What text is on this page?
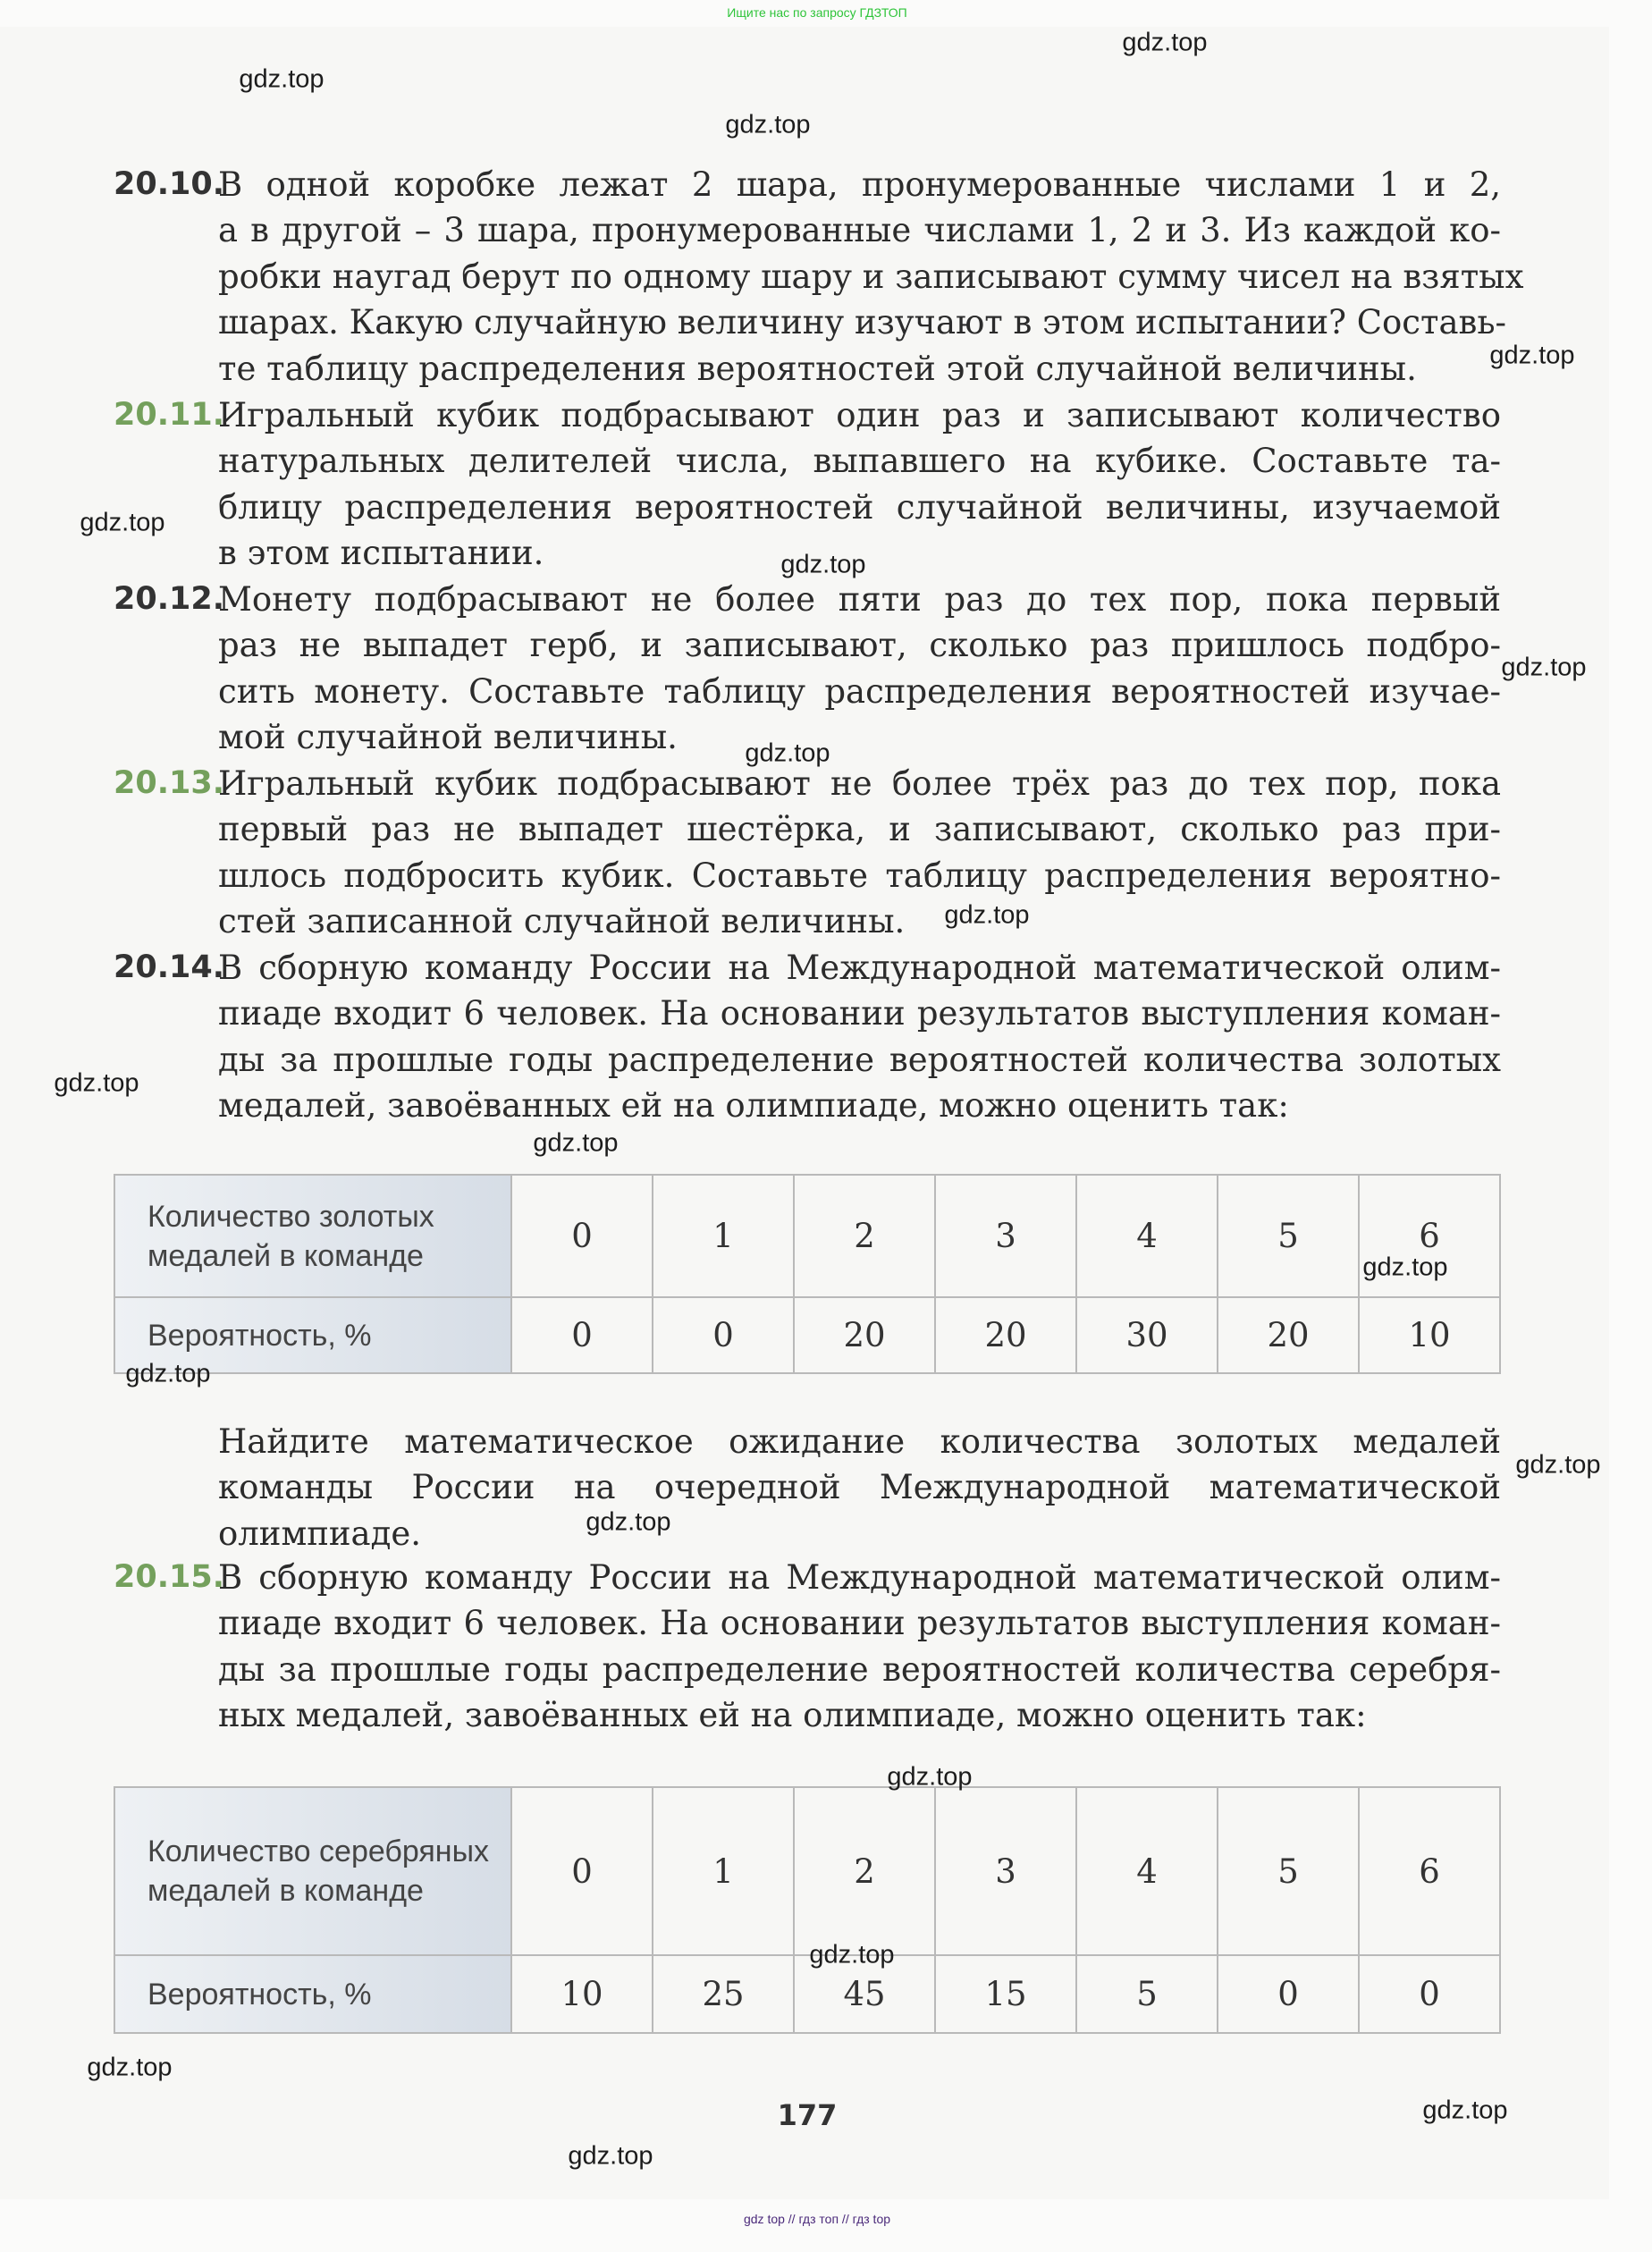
Ищите нас по запросу ГДЗТОП
20.10.
В одной коробке лежат 2 шара, пронумерованные числами 1 и 2,
а в другой – 3 шара, пронумерованные числами 1, 2 и 3. Из каждой ко-
робки наугад берут по одному шару и записывают сумму чисел на взятых
шарах. Какую случайную величину изучают в этом испытании? Составь-
те таблицу распределения вероятностей этой случайной величины.
20.11.
Игральный кубик подбрасывают один раз и записывают количество
натуральных делителей числа, выпавшего на кубике. Составьте та-
блицу распределения вероятностей случайной величины, изучаемой
в этом испытании.
20.12.
Монету подбрасывают не более пяти раз до тех пор, пока первый
раз не выпадет герб, и записывают, сколько раз пришлось подбро-
сить монету. Составьте таблицу распределения вероятностей изучае-
мой случайной величины.
20.13.
Игральный кубик подбрасывают не более трёх раз до тех пор, пока
первый раз не выпадет шестёрка, и записывают, сколько раз при-
шлось подбросить кубик. Составьте таблицу распределения вероятно-
стей записанной случайной величины.
20.14.
В сборную команду России на Международной математической олим-
пиаде входит 6 человек. На основании результатов выступления коман-
ды за прошлые годы распределение вероятностей количества золотых
медалей, завоёванных ей на олимпиаде, можно оценить так:
Количество золотых медалей в команде	0	1	2	3	4	5	6
Вероятность, %	0	0	20	20	30	20	10
Найдите математическое ожидание количества золотых медалей
команды России на очередной Международной математической
олимпиаде.
20.15.
В сборную команду России на Международной математической олим-
пиаде входит 6 человек. На основании результатов выступления коман-
ды за прошлые годы распределение вероятностей количества серебря-
ных медалей, завоёванных ей на олимпиаде, можно оценить так:
Количество серебряных медалей в команде	0	1	2	3	4	5	6
Вероятность, %	10	25	45	15	5	0	0
177
gdz top // гдз топ // гдз top
gdz.top
gdz.top
gdz.top
gdz.top
gdz.top
gdz.top
gdz.top
gdz.top
gdz.top
gdz.top
gdz.top
gdz.top
gdz.top
gdz.top
gdz.top
gdz.top
gdz.top
gdz.top
gdz.top
gdz.top
